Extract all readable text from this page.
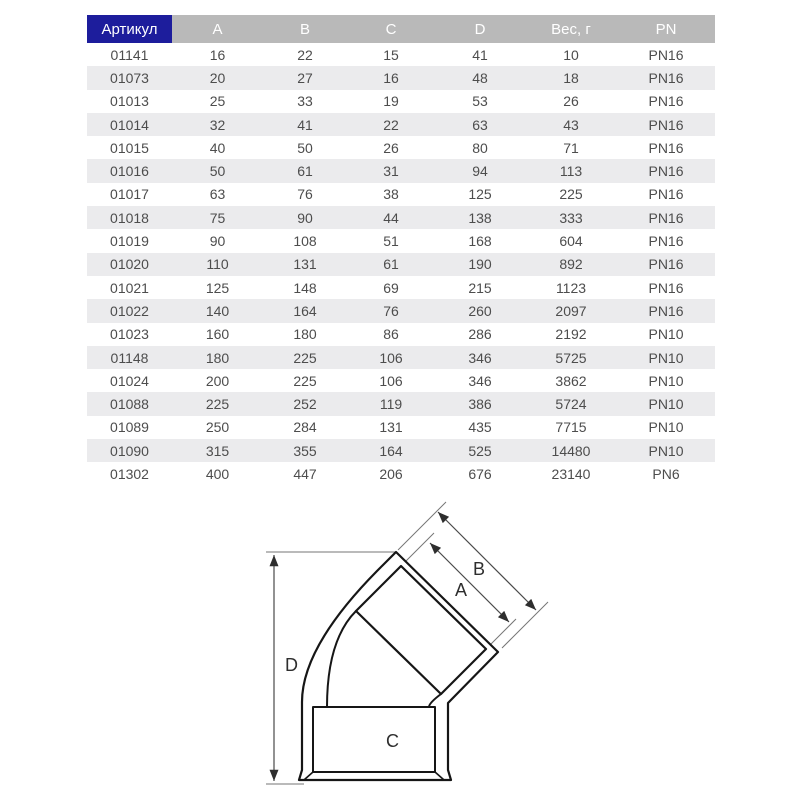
Артикул	A	B	C	D	Вес, г	PN
01141	16	22	15	41	10	PN16
01073	20	27	16	48	18	PN16
01013	25	33	19	53	26	PN16
01014	32	41	22	63	43	PN16
01015	40	50	26	80	71	PN16
01016	50	61	31	94	113	PN16
01017	63	76	38	125	225	PN16
01018	75	90	44	138	333	PN16
01019	90	108	51	168	604	PN16
01020	110	131	61	190	892	PN16
01021	125	148	69	215	1123	PN16
01022	140	164	76	260	2097	PN16
01023	160	180	86	286	2192	PN10
01148	180	225	106	346	5725	PN10
01024	200	225	106	346	3862	PN10
01088	225	252	119	386	5724	PN10
01089	250	284	131	435	7715	PN10
01090	315	355	164	525	14480	PN10
01302	400	447	206	676	23140	PN6
D
C
B
A
